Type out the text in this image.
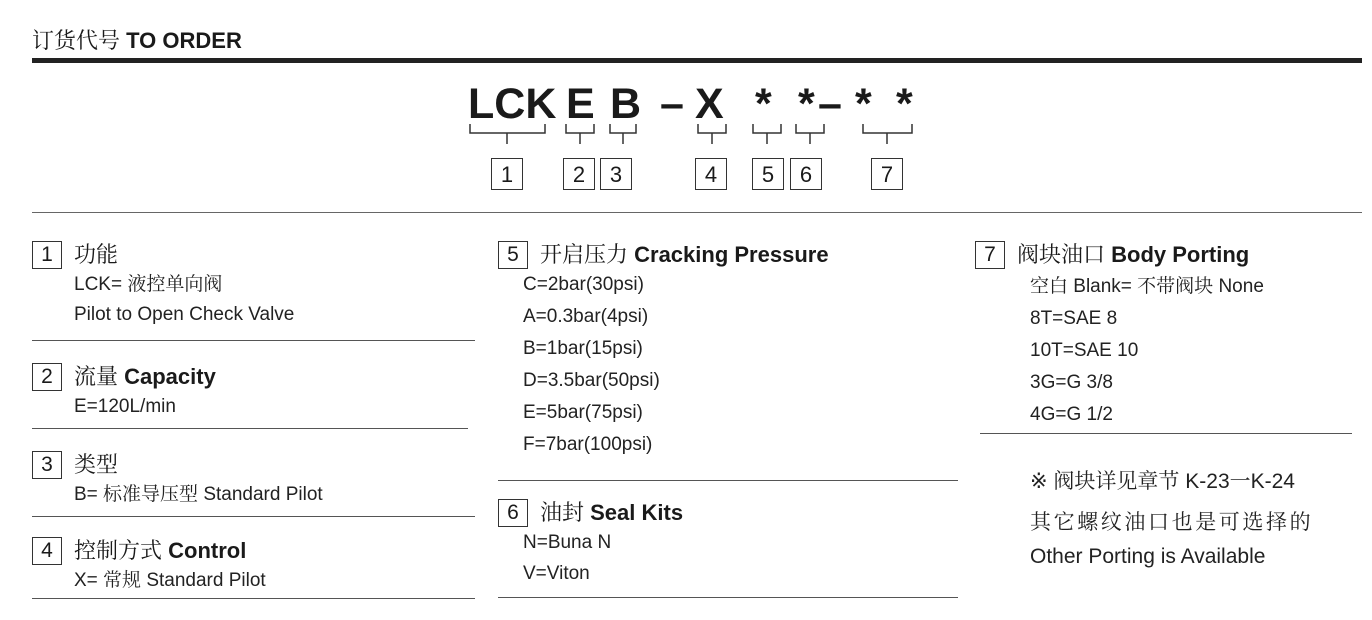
订货代号 TO ORDER
LCK E B – X * * – * *
1	2	3	4	5	6	7
1 功能
LCK= 液控单向阀
Pilot to Open Check Valve
2 流量 Capacity
E=120L/min
3 类型
B= 标准导压型 Standard Pilot
4 控制方式 Control
X= 常规 Standard Pilot
5 开启压力 Cracking Pressure
C=2bar(30psi)
A=0.3bar(4psi)
B=1bar(15psi)
D=3.5bar(50psi)
E=5bar(75psi)
F=7bar(100psi)
6 油封 Seal Kits
N=Buna N
V=Viton
7 阀块油口 Body Porting
空白 Blank= 不带阀块 None
8T=SAE 8
10T=SAE 10
3G=G 3/8
4G=G 1/2
※ 阀块详见章节 K-23一K-24
其它螺纹油口也是可选择的
Other Porting is Available
